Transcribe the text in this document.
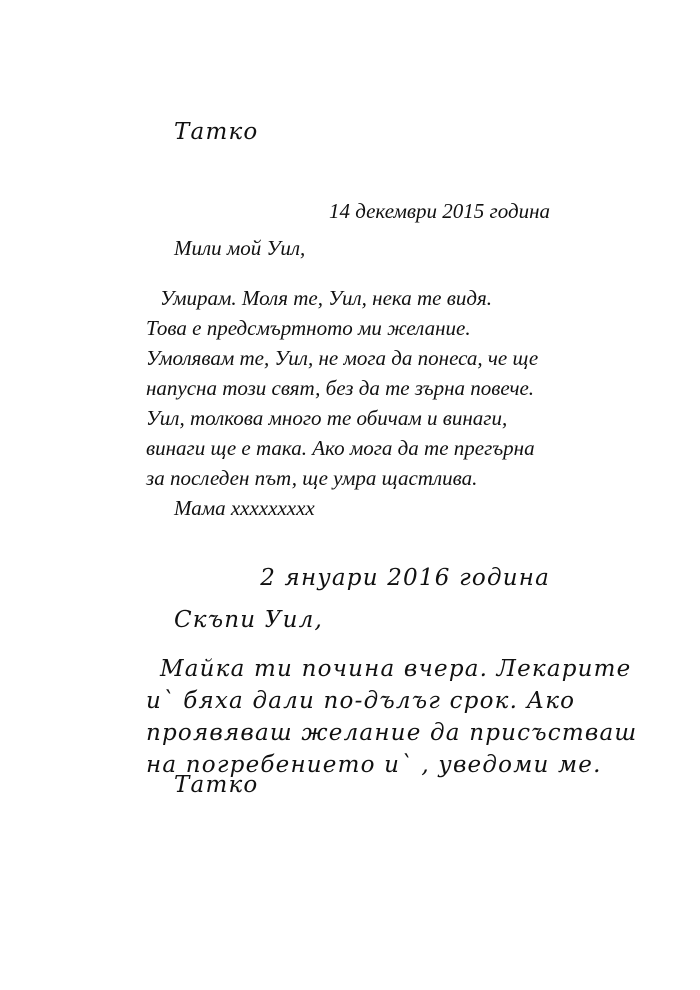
Татко
14 декември 2015 година
Мили мой Уил,
Умирам. Моля те, Уил, нека те видя.
Това е предсмъртното ми желание.
Умолявам те, Уил, не мога да понеса, че ще
напусна този свят, без да те зърна повече.
Уил, толкова много те обичам и винаги,
винаги ще е така. Ако мога да те прегърна
за последен път, ще умра щастлива.
Мама xxxxxxxxx
2 януари 2016 година
Скъпи Уил,
Майка ти почина вчера. Лекарите
и` бяха дали по-дълъг срок. Ако
проявяваш желание да присъстваш
на погребението и` , уведоми ме.
Татко
